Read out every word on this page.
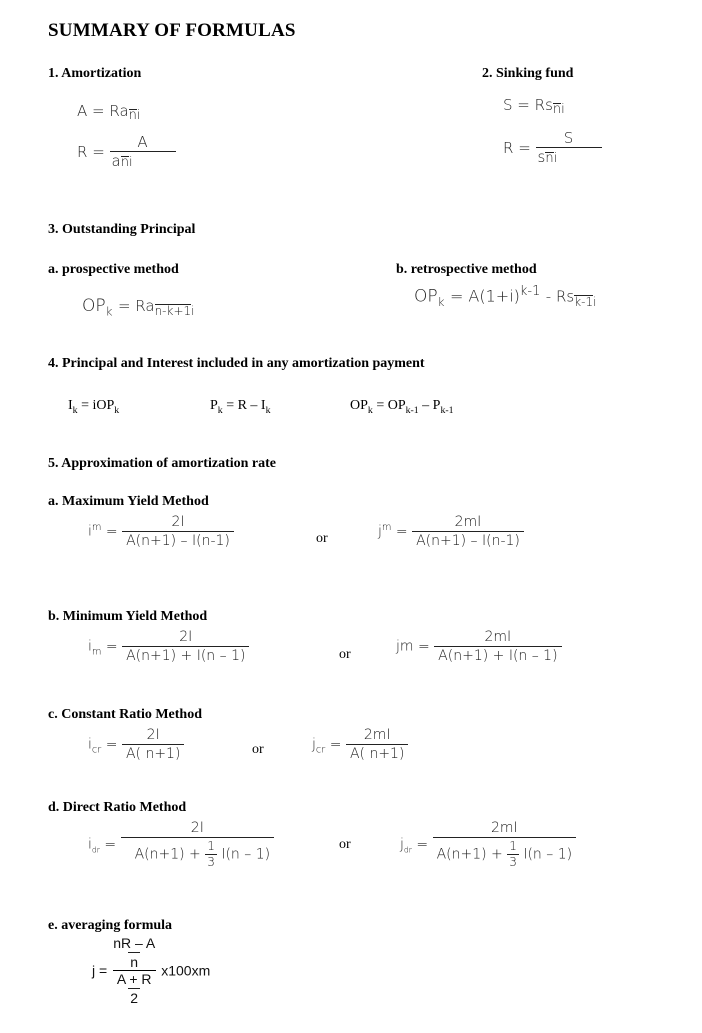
SUMMARY OF FORMULAS
1. Amortization
A = Rani
$R = \frac{A}{\text{ani}}$
2. Sinking fund
S = Rsni
$R = \frac{S}{\text{sni}}$
3. Outstanding Principal
a. prospective method	b. retrospective method
$OP_k = Ran-k+1_i$
$OP_k = A(1+i)^{k-1} - Rsk-1_i$
4. Principal and Interest included in any amortization payment
$I_k = iOP_k$	$P_k = R - I_k$	$OP_k = OP_{k-1} - P_{k-1}$
5. Approximation of amortization rate
a. Maximum Yield Method
$i^m = \frac{2I}{A(n+1) - I(n-1)}$	or	$j^m = \frac{2mI}{A(n+1) - I(n-1)}$
b. Minimum Yield Method
$i_m = \frac{2I}{A(n+1) + I(n - 1)}$	or	jm = $\frac{2mI}{A(n+1) + I(n - 1)}$
c. Constant Ratio Method
$i_{cr} = \frac{2I}{A( n+1)}$	or	$j_{cr} = \frac{2mI}{A( n+1)}$
d. Direct Ratio Method
$i_{dr} = \frac{2I}{A(n+1) + \frac{1}{3} I(n - 1)}$	or	$j_{dr} = \frac{2mI}{A(n+1) + \frac{1}{3} I(n - 1)}$
e. averaging formula
$j = \frac{\frac{nR - A}{n}}{\frac{A + R}{2}} x100xm$
